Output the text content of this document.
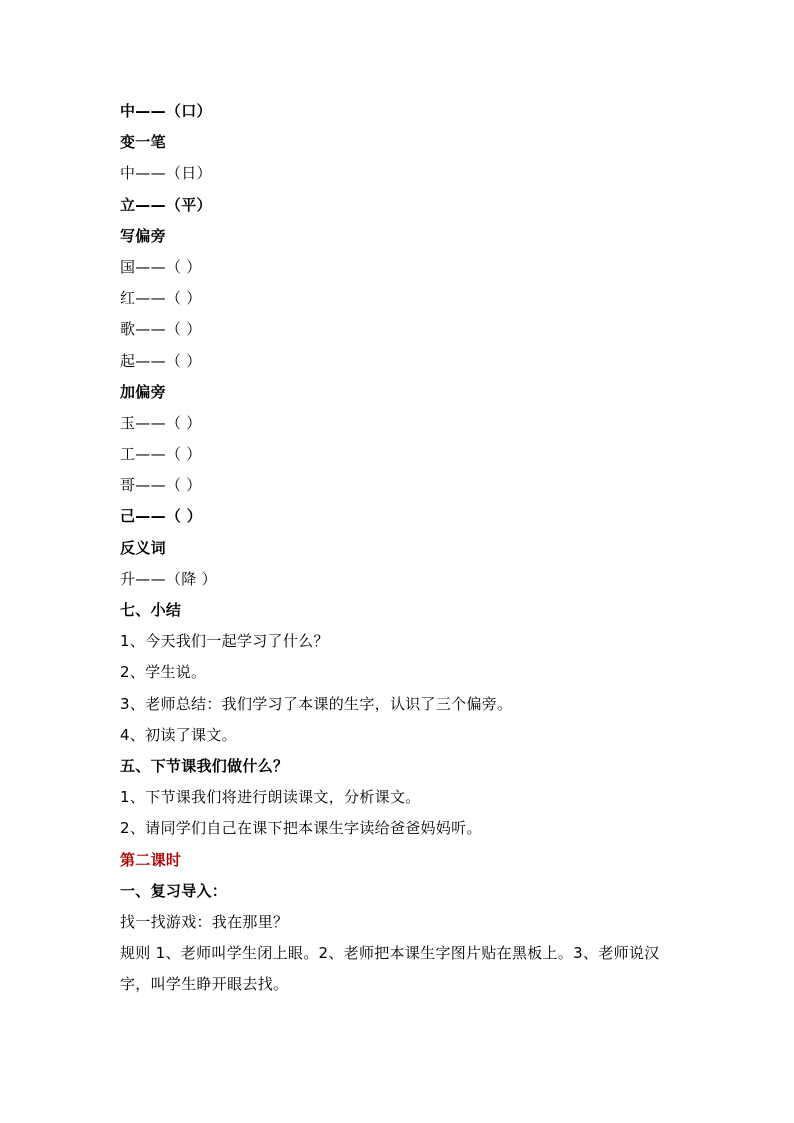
中——（口）
变一笔
中——（日）
立——（平）
写偏旁
国——（ ）
红——（ ）
歌——（ ）
起——（ ）
加偏旁
玉——（ ）
工——（ ）
哥——（ ）
己——（ ）
反义词
升——（降 ）
七、小结
1、今天我们一起学习了什么？
2、学生说。
3、老师总结：我们学习了本课的生字，认识了三个偏旁。
4、初读了课文。
五、下节课我们做什么？
1、下节课我们将进行朗读课文，分析课文。
2、请同学们自己在课下把本课生字读给爸爸妈妈听。
第二课时
一、复习导入：
找一找游戏：我在那里？
规则 1、老师叫学生闭上眼。2、老师把本课生字图片贴在黑板上。3、老师说汉字，叫学生睁开眼去找。
